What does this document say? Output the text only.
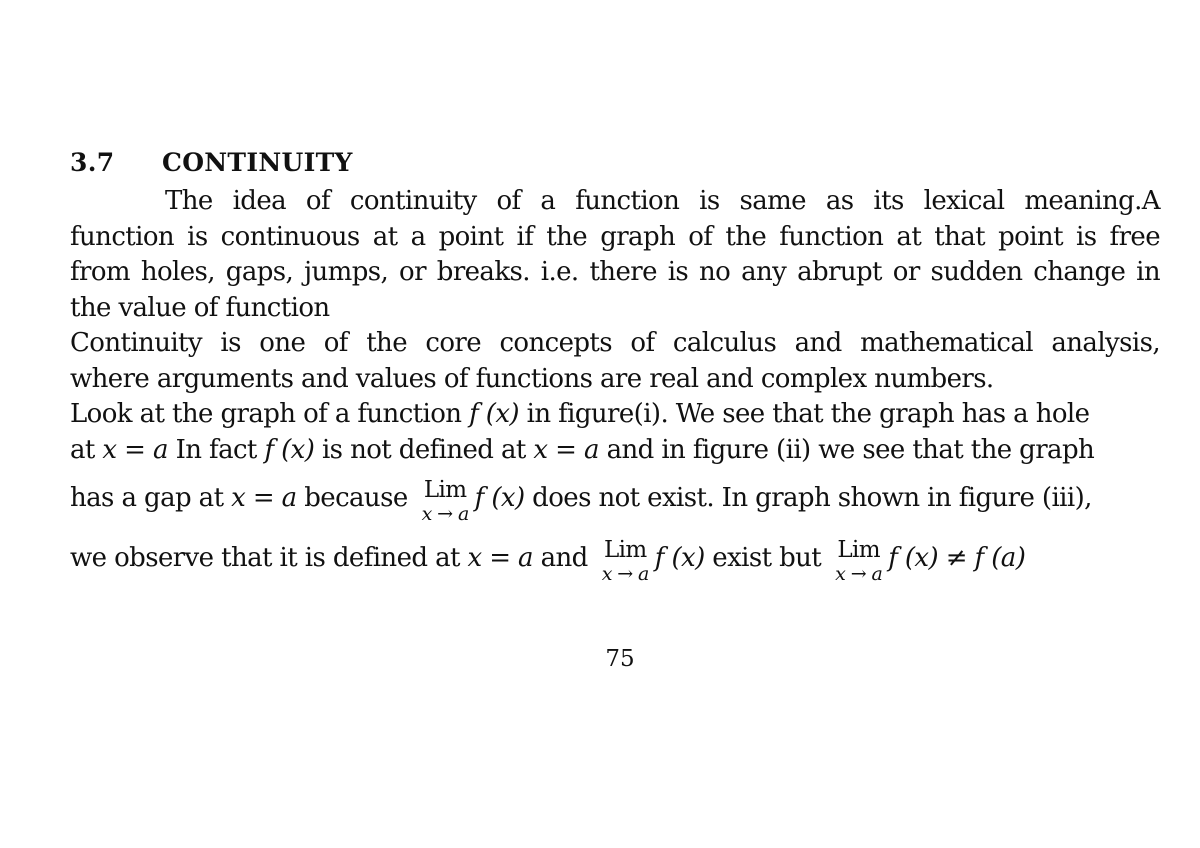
3.7 CONTINUITY
The idea of continuity of a function is same as its lexical meaning.A
function is continuous at a point if the graph of the function at that point is free
from holes, gaps, jumps, or breaks. i.e. there is no any abrupt or sudden change in
the value of function
Continuity is one of the core concepts of calculus and mathematical analysis,
where arguments and values of functions are real and complex numbers.
Look at the graph of a function f (x) in figure(i). We see that the graph has a hole
at x = a In fact f (x) is not defined at x = a and in figure (ii) we see that the graph
has a gap at x = a because Lim
x → a
f (x) does not exist. In graph shown in figure (iii),
we observe that it is defined at x = a and Lim
x → a
f (x) exist but Lim
x → a
f (x) ≠ f (a)
75
